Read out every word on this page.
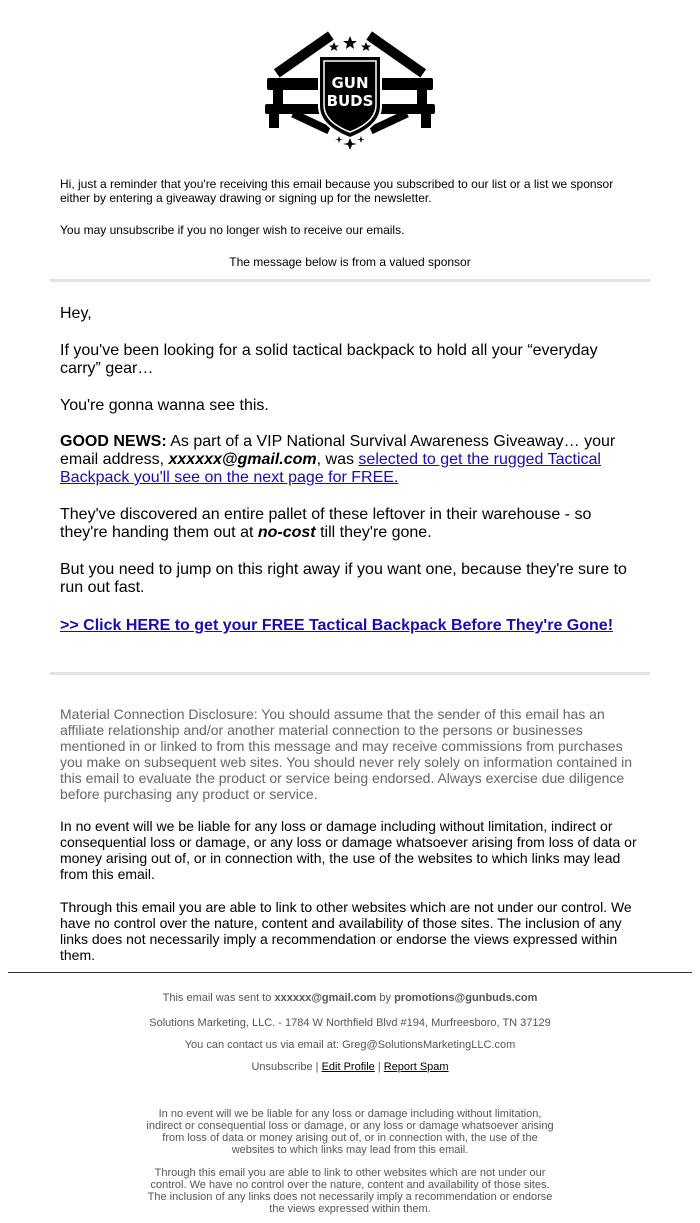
GUN
BUDS
Hi, just a reminder that you're receiving this email because you subscribed to our list or a list we sponsor either by entering a giveaway drawing or signing up for the newsletter.
You may unsubscribe if you no longer wish to receive our emails.
The message below is from a valued sponsor
Hey,
If you've been looking for a solid tactical backpack to hold all your “everyday carry” gear…
You're gonna wanna see this.
GOOD NEWS: As part of a VIP National Survival Awareness Giveaway… your email address, xxxxxx@gmail.com, was selected to get the rugged Tactical Backpack you'll see on the next page for FREE.
They've discovered an entire pallet of these leftover in their warehouse - so they're handing them out at no-cost till they're gone.
But you need to jump on this right away if you want one, because they're sure to run out fast.
>> Click HERE to get your FREE Tactical Backpack Before They're Gone!
Material Connection Disclosure: You should assume that the sender of this email has an affiliate relationship and/or another material connection to the persons or businesses mentioned in or linked to from this message and may receive commissions from purchases you make on subsequent web sites. You should never rely solely on information contained in this email to evaluate the product or service being endorsed. Always exercise due diligence before purchasing any product or service.
In no event will we be liable for any loss or damage including without limitation, indirect or consequential loss or damage, or any loss or damage whatsoever arising from loss of data or money arising out of, or in connection with, the use of the websites to which links may lead from this email.
Through this email you are able to link to other websites which are not under our control. We have no control over the nature, content and availability of those sites. The inclusion of any links does not necessarily imply a recommendation or endorse the views expressed within them.
This email was sent to xxxxxx@gmail.com by promotions@gunbuds.com
Solutions Marketing, LLC. - 1784 W Northfield Blvd #194, Murfreesboro, TN 37129
You can contact us via email at: Greg@SolutionsMarketingLLC.com
Unsubscribe | Edit Profile | Report Spam
In no event will we be liable for any loss or damage including without limitation, indirect or consequential loss or damage, or any loss or damage whatsoever arising from loss of data or money arising out of, or in connection with, the use of the websites to which links may lead from this email.
Through this email you are able to link to other websites which are not under our control. We have no control over the nature, content and availability of those sites. The inclusion of any links does not necessarily imply a recommendation or endorse the views expressed within them.
